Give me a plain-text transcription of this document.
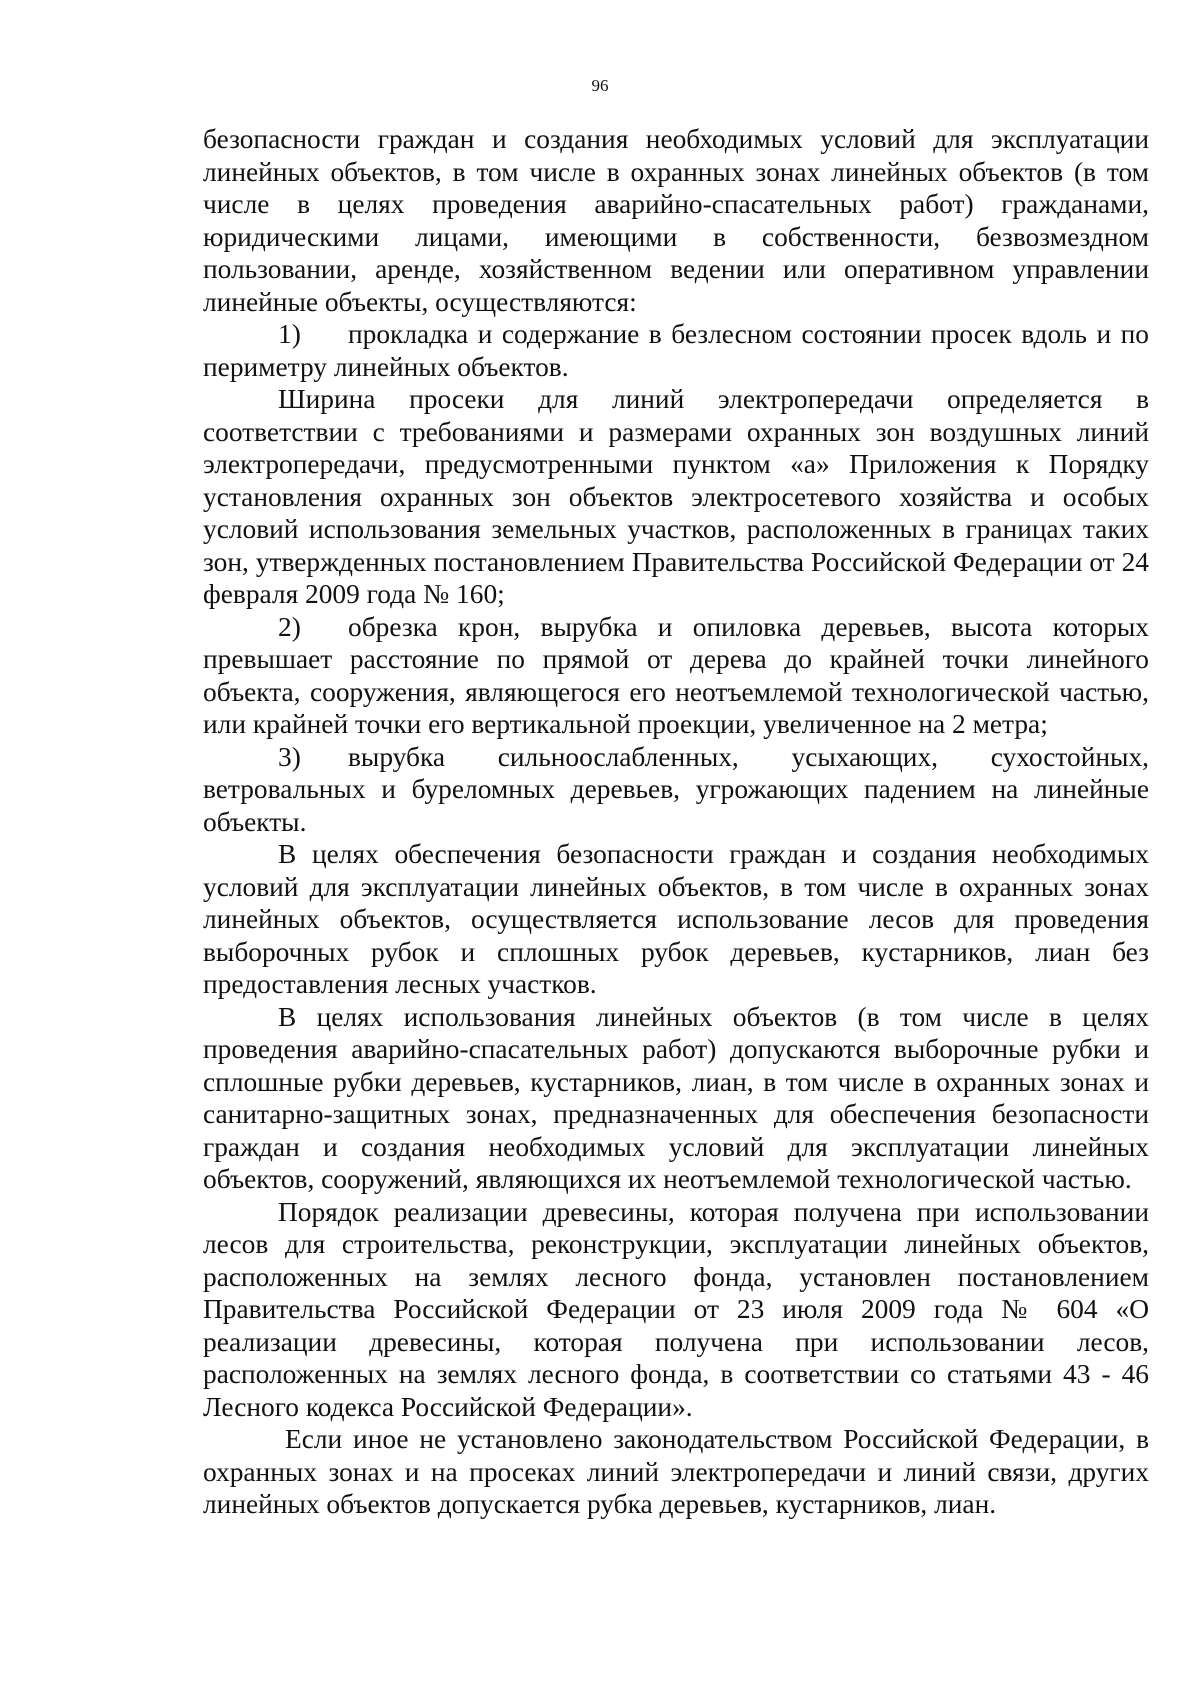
96

безопасности граждан и создания необходимых условий для эксплуатации линейных объектов, в том числе в охранных зонах линейных объектов (в том числе в целях проведения аварийно-спасательных работ) гражданами, юридическими лицами, имеющими в собственности, безвозмездном пользовании, аренде, хозяйственном ведении или оперативном управлении линейные объекты, осуществляются:

1) прокладка и содержание в безлесном состоянии просек вдоль и по периметру линейных объектов.

Ширина просеки для линий электропередачи определяется в соответствии с требованиями и размерами охранных зон воздушных линий электропередачи, предусмотренными пунктом «а» Приложения к Порядку установления охранных зон объектов электросетевого хозяйства и особых условий использования земельных участков, расположенных в границах таких зон, утвержденных постановлением Правительства Российской Федерации от 24 февраля 2009 года № 160;

2) обрезка крон, вырубка и опиловка деревьев, высота которых превышает расстояние по прямой от дерева до крайней точки линейного объекта, сооружения, являющегося его неотъемлемой технологической частью, или крайней точки его вертикальной проекции, увеличенное на 2 метра;

3) вырубка сильноослабленных, усыхающих, сухостойных, ветровальных и буреломных деревьев, угрожающих падением на линейные объекты.

В целях обеспечения безопасности граждан и создания необходимых условий для эксплуатации линейных объектов, в том числе в охранных зонах линейных объектов, осуществляется использование лесов для проведения выборочных рубок и сплошных рубок деревьев, кустарников, лиан без предоставления лесных участков.

В целях использования линейных объектов (в том числе в целях проведения аварийно-спасательных работ) допускаются выборочные рубки и сплошные рубки деревьев, кустарников, лиан, в том числе в охранных зонах и санитарно-защитных зонах, предназначенных для обеспечения безопасности граждан и создания необходимых условий для эксплуатации линейных объектов, сооружений, являющихся их неотъемлемой технологической частью.

Порядок реализации древесины, которая получена при использовании лесов для строительства, реконструкции, эксплуатации линейных объектов, расположенных на землях лесного фонда, установлен постановлением Правительства Российской Федерации от 23 июля 2009 года № 604 «О реализации древесины, которая получена при использовании лесов, расположенных на землях лесного фонда, в соответствии со статьями 43 - 46 Лесного кодекса Российской Федерации».

Если иное не установлено законодательством Российской Федерации, в охранных зонах и на просеках линий электропередачи и линий связи, других линейных объектов допускается рубка деревьев, кустарников, лиан.
